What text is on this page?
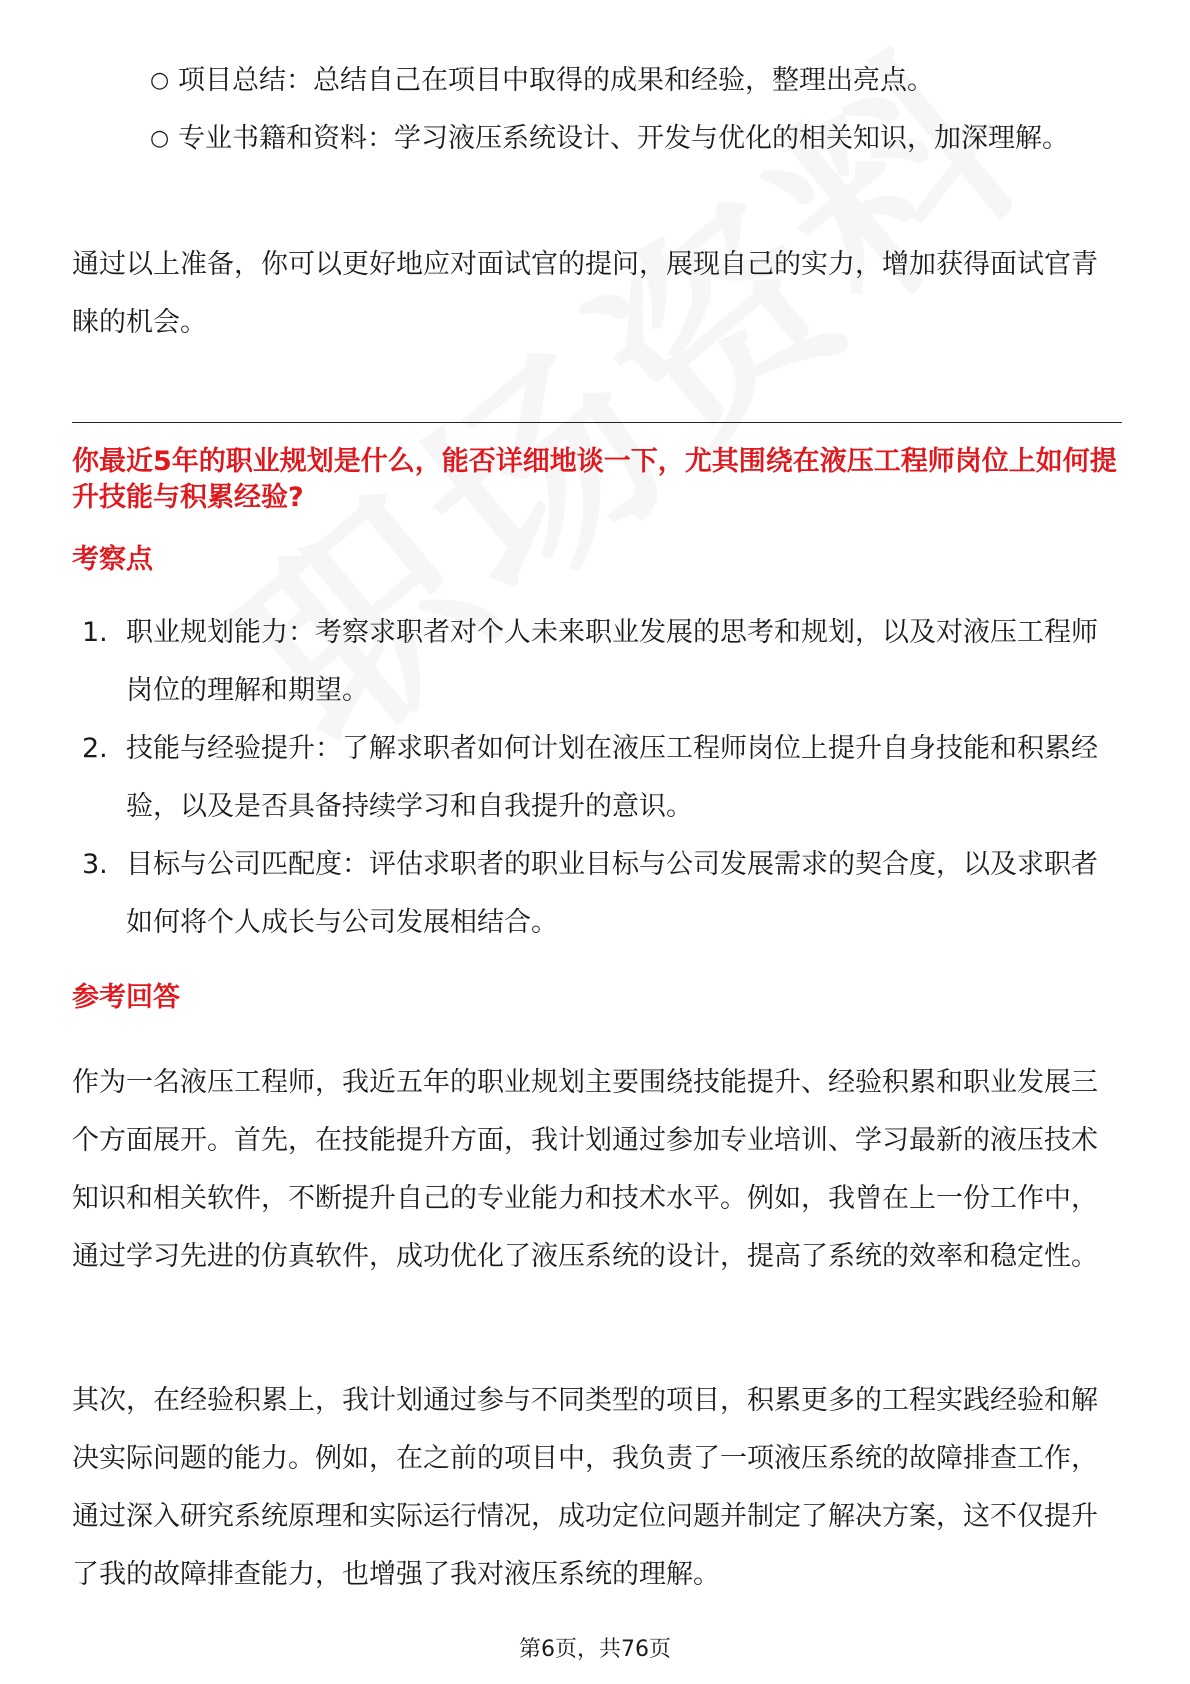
○ 项目总结：总结自己在项目中取得的成果和经验，整理出亮点。
○ 专业书籍和资料：学习液压系统设计、开发与优化的相关知识，加深理解。

通过以上准备，你可以更好地应对面试官的提问，展现自己的实力，增加获得面试官青睐的机会。

你最近5年的职业规划是什么，能否详细地谈一下，尤其围绕在液压工程师岗位上如何提升技能与积累经验?

考察点

1. 职业规划能力：考察求职者对个人未来职业发展的思考和规划，以及对液压工程师岗位的理解和期望。
2. 技能与经验提升：了解求职者如何计划在液压工程师岗位上提升自身技能和积累经验，以及是否具备持续学习和自我提升的意识。
3. 目标与公司匹配度：评估求职者的职业目标与公司发展需求的契合度，以及求职者如何将个人成长与公司发展相结合。

参考回答

作为一名液压工程师，我近五年的职业规划主要围绕技能提升、经验积累和职业发展三个方面展开。首先，在技能提升方面，我计划通过参加专业培训、学习最新的液压技术知识和相关软件，不断提升自己的专业能力和技术水平。例如，我曾在上一份工作中，通过学习先进的仿真软件，成功优化了液压系统的设计，提高了系统的效率和稳定性。

其次，在经验积累上，我计划通过参与不同类型的项目，积累更多的工程实践经验和解决实际问题的能力。例如，在之前的项目中，我负责了一项液压系统的故障排查工作，通过深入研究系统原理和实际运行情况，成功定位问题并制定了解决方案，这不仅提升了我的故障排查能力，也增强了我对液压系统的理解。

第6页，共76页
